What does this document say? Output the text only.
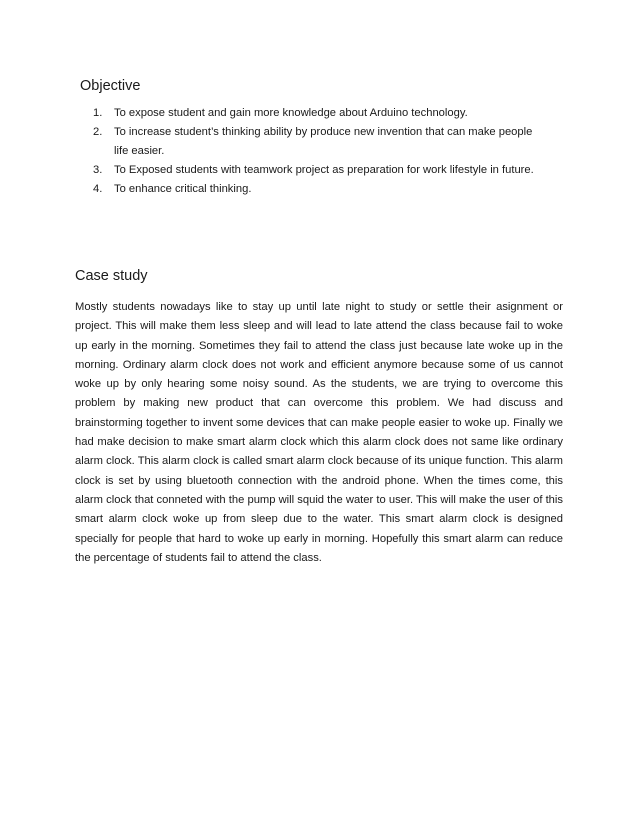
Objective
1. To expose student and gain more knowledge about Arduino technology.
2. To increase student’s thinking ability by produce new invention that can make people life easier.
3. To Exposed students with teamwork project as preparation for work lifestyle in future.
4. To enhance critical thinking.
Case study

Mostly students nowadays like to stay up until late night to study or settle their asignment or project. This will make them less sleep and will lead to late attend the class because fail to woke up early in the morning. Sometimes they fail to attend the class just because late woke up in the morning. Ordinary alarm clock does not work and efficient anymore because some of us cannot woke up by only hearing some noisy sound. As the students, we are trying to overcome this problem by making new product that can overcome this problem. We had discuss and brainstorming together to invent some devices that can make people easier to woke up. Finally we had make decision to make smart alarm clock which this alarm clock does not same like ordinary alarm clock. This alarm clock is called smart alarm clock because of its unique function. This alarm clock is set by using bluetooth connection with the android phone. When the times come, this alarm clock that conneted with the pump will squid the water to user. This will make the user of this smart alarm clock woke up from sleep due to the water. This smart alarm clock is designed specially for people that hard to woke up early in morning. Hopefully this smart alarm can reduce the percentage of students fail to attend the class.
